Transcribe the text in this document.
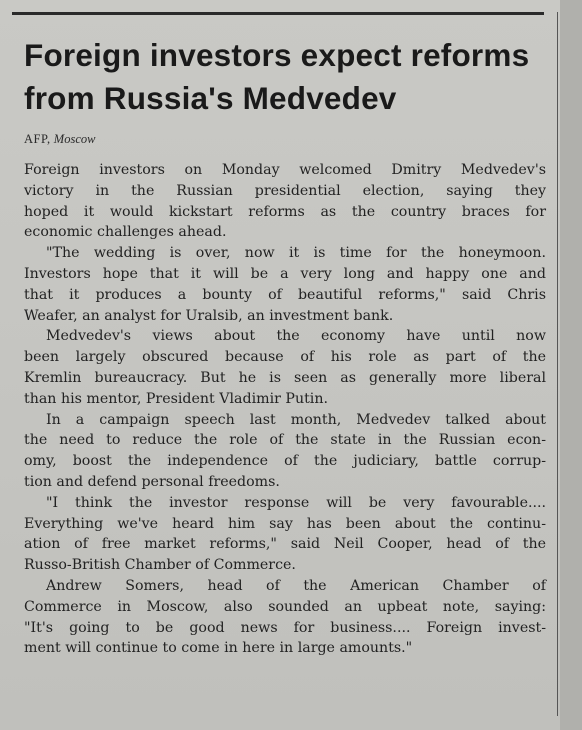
Foreign investors expect reforms
from Russia's Medvedev
AFP, Moscow
Foreign investors on Monday welcomed Dmitry Medvedev's
victory in the Russian presidential election, saying they
hoped it would kickstart reforms as the country braces for
economic challenges ahead.
"The wedding is over, now it is time for the honeymoon.
Investors hope that it will be a very long and happy one and
that it produces a bounty of beautiful reforms," said Chris
Weafer, an analyst for Uralsib, an investment bank.
Medvedev's views about the economy have until now
been largely obscured because of his role as part of the
Kremlin bureaucracy. But he is seen as generally more liberal
than his mentor, President Vladimir Putin.
In a campaign speech last month, Medvedev talked about
the need to reduce the role of the state in the Russian econ-
omy, boost the independence of the judiciary, battle corrup-
tion and defend personal freedoms.
"I think the investor response will be very favourable....
Everything we've heard him say has been about the continu-
ation of free market reforms," said Neil Cooper, head of the
Russo-British Chamber of Commerce.
Andrew Somers, head of the American Chamber of
Commerce in Moscow, also sounded an upbeat note, saying:
"It's going to be good news for business.... Foreign invest-
ment will continue to come in here in large amounts."
